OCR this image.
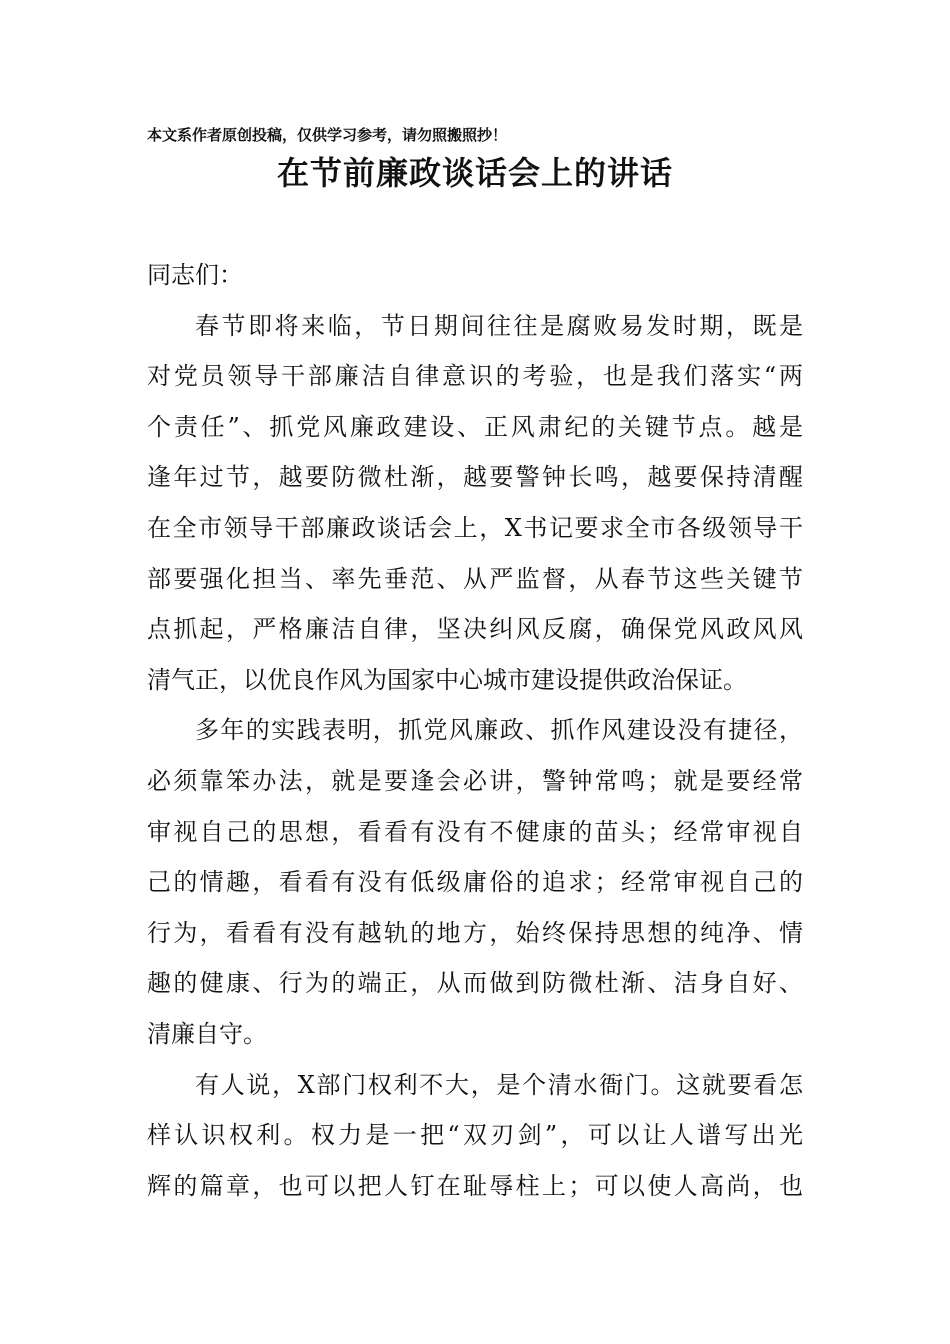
本文系作者原创投稿，仅供学习参考，请勿照搬照抄！
在节前廉政谈话会上的讲话
同志们：
春节即将来临，节日期间往往是腐败易发时期，既是
对党员领导干部廉洁自律意识的考验，也是我们落实“两
个责任”、抓党风廉政建设、正风肃纪的关键节点。越是
逢年过节，越要防微杜渐，越要警钟长鸣，越要保持清醒
在全市领导干部廉政谈话会上，X书记要求全市各级领导干
部要强化担当、率先垂范、从严监督，从春节这些关键节
点抓起，严格廉洁自律，坚决纠风反腐，确保党风政风风
清气正，以优良作风为国家中心城市建设提供政治保证。
多年的实践表明，抓党风廉政、抓作风建设没有捷径，
必须靠笨办法，就是要逢会必讲，警钟常鸣；就是要经常
审视自己的思想，看看有没有不健康的苗头；经常审视自
己的情趣，看看有没有低级庸俗的追求；经常审视自己的
行为，看看有没有越轨的地方，始终保持思想的纯净、情
趣的健康、行为的端正，从而做到防微杜渐、洁身自好、
清廉自守。
有人说，X部门权利不大，是个清水衙门。这就要看怎
样认识权利。权力是一把“双刃剑”，可以让人谱写出光
辉的篇章，也可以把人钉在耻辱柱上；可以使人高尚，也
